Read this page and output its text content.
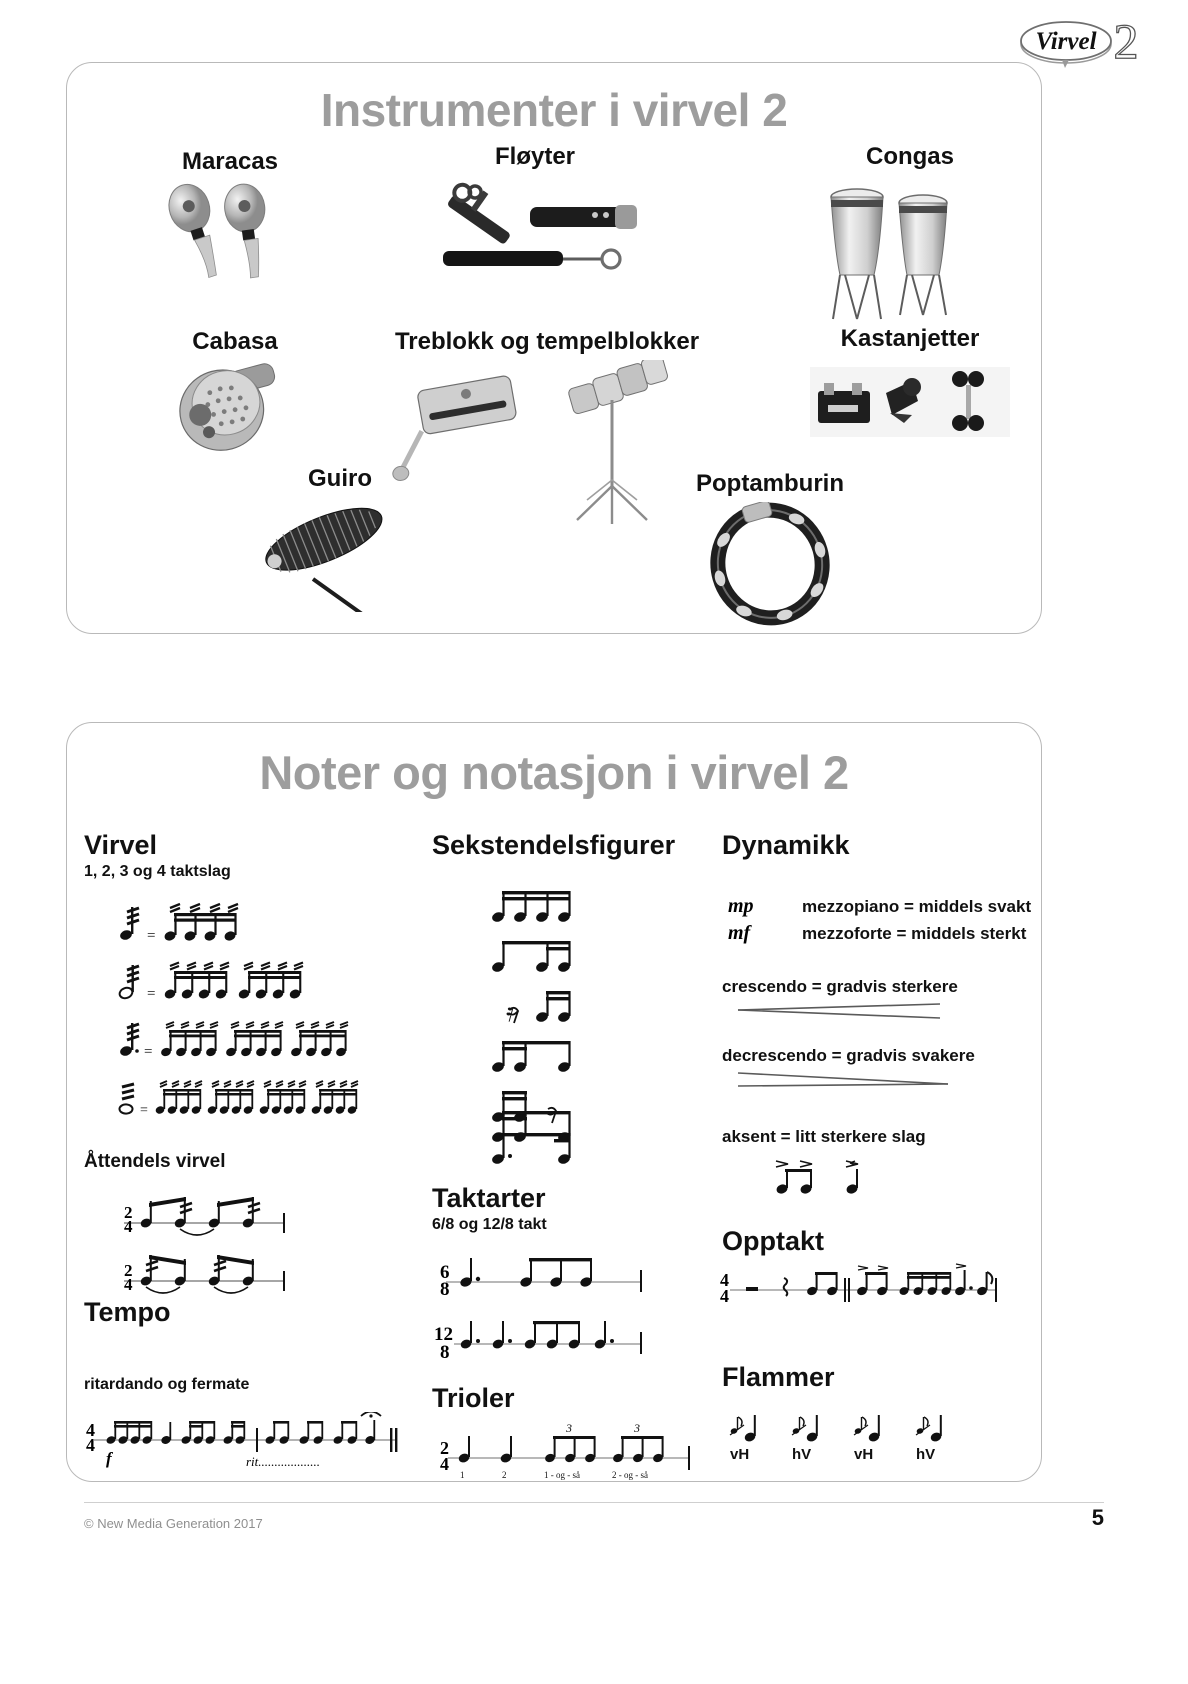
Virvel 2
Instrumenter i virvel 2
Maracas	Fløyter	Congas
Cabasa	Treblokk og tempelblokker	Kastanjetter
Guiro	Poptamburin
Noter og notasjon i virvel 2
Virvel
1, 2, 3 og 4 taktslag
=
=
=
=
Åttendels virvel
2
4
2
4
Tempo
ritardando og fermate
4
4
f	rit...................
Sekstendelsfigurer
𝄿
Taktarter
6/8 og 12/8 takt
6
8
12
8
Trioler
2
4
3	3
1	2	1 - og - så	2 - og - så
Dynamikk
mp	mezzopiano = middels svakt
mf	mezzoforte = middels sterkt
crescendo = gradvis sterkere
decrescendo = gradvis svakere
aksent = litt sterkere slag
Opptakt
4
4
Flammer
vH	hV	vH	hV
© New Media Generation 2017	5
